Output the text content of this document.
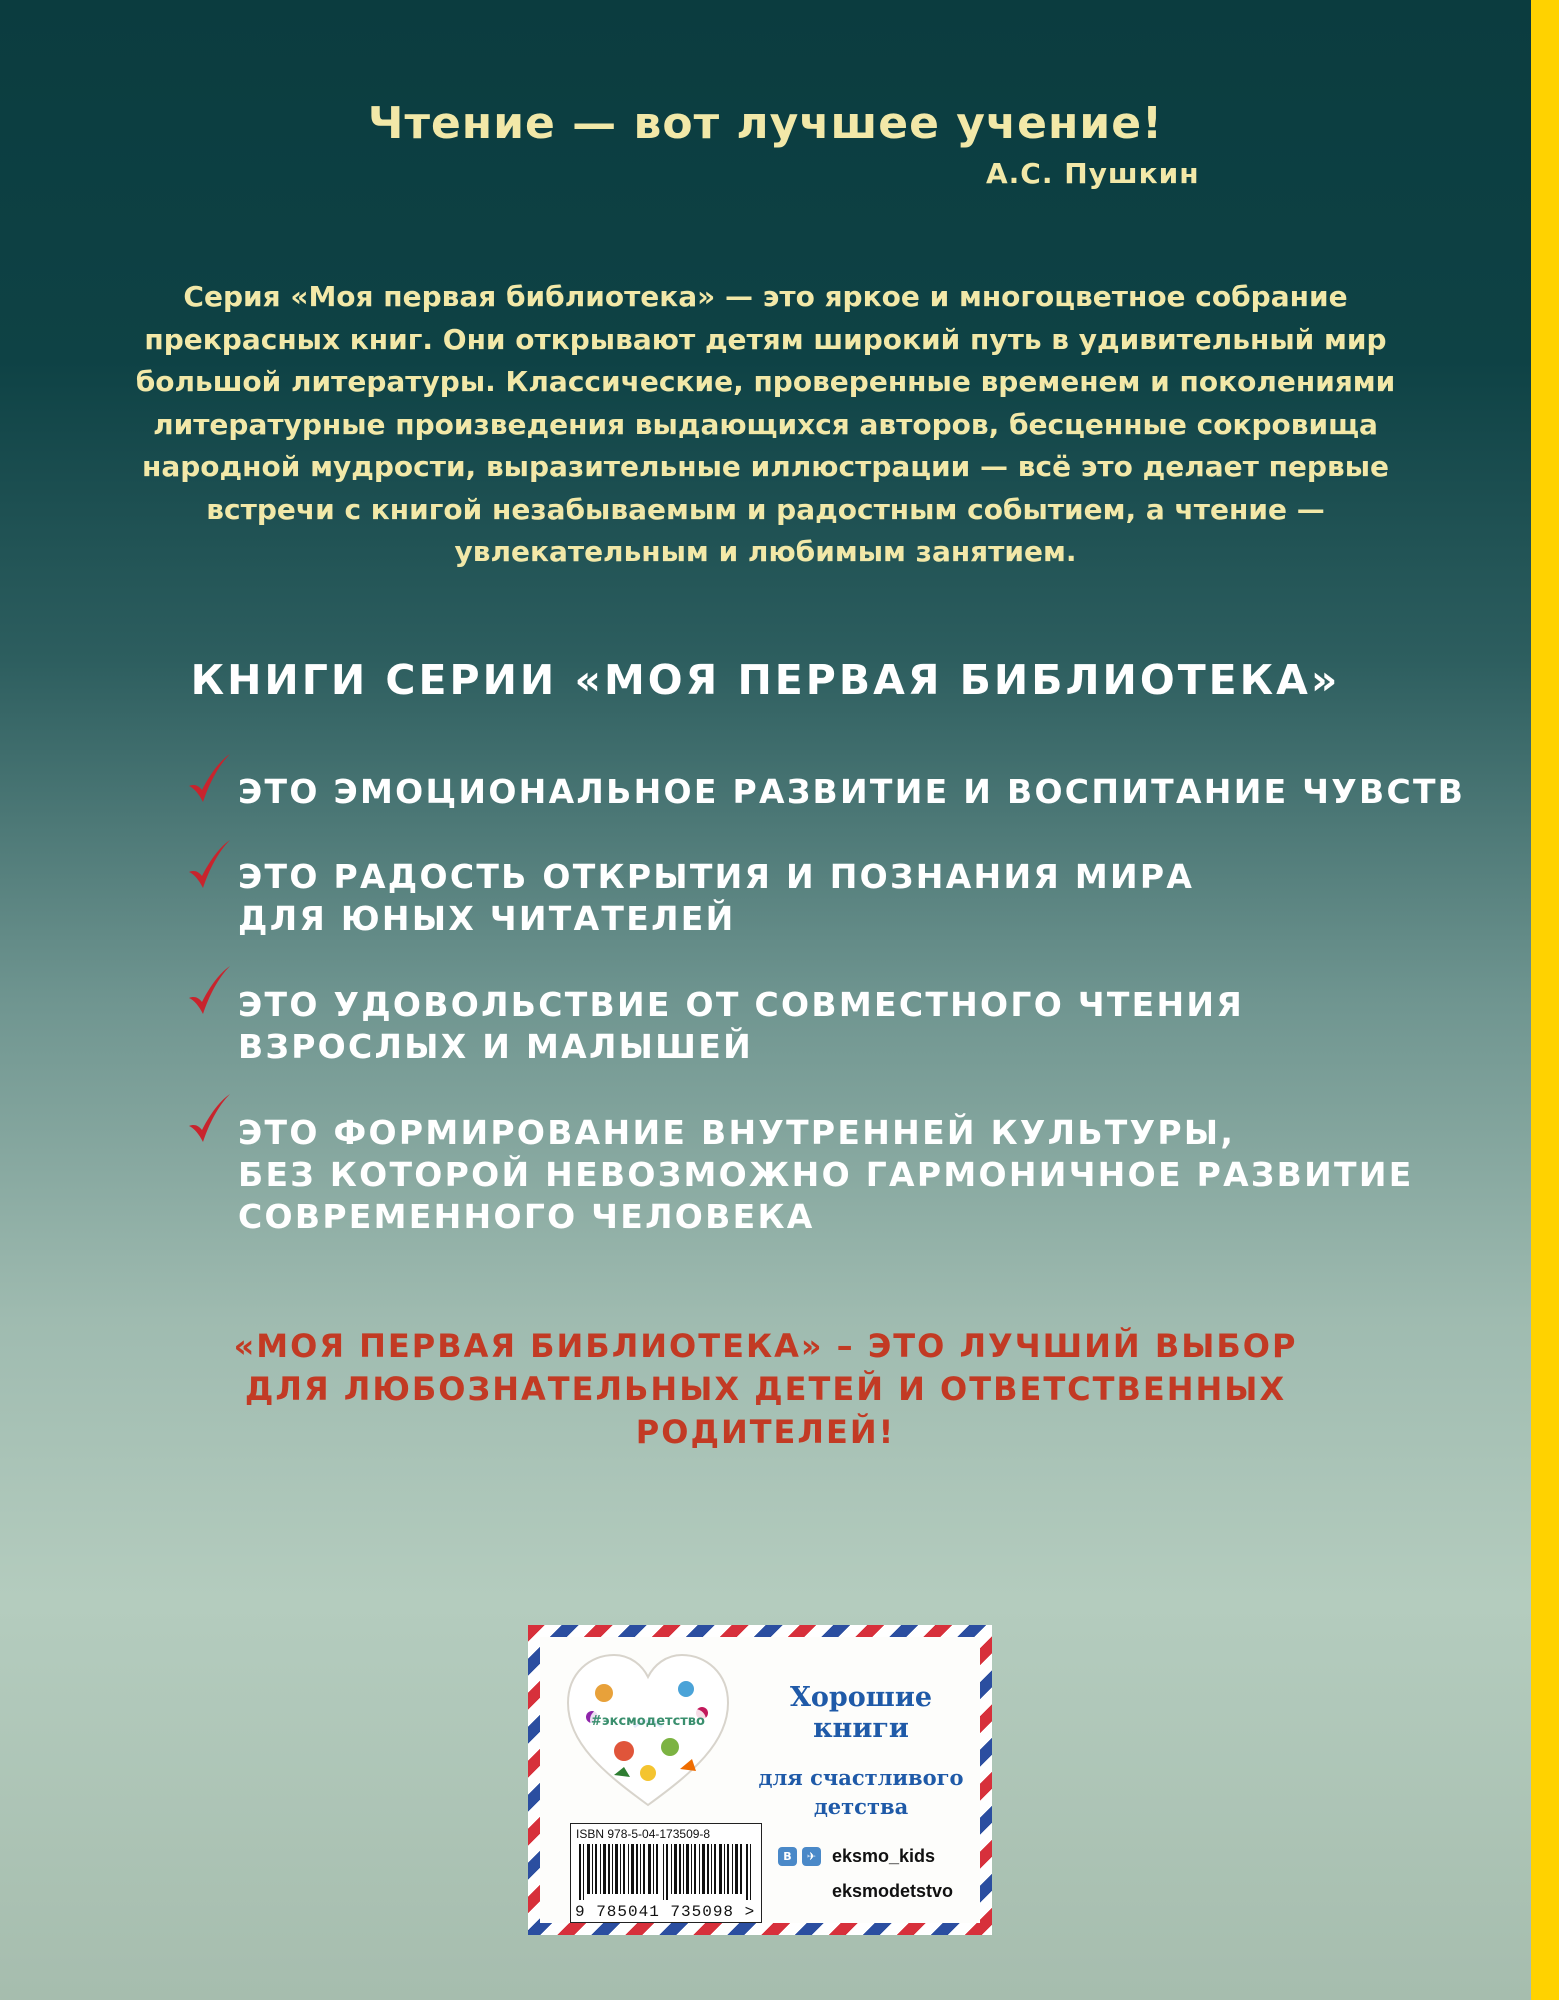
Чтение — вот лучшее учение!
А.С. Пушкин
Серия «Моя первая библиотека» — это яркое и многоцветное собрание прекрасных книг. Они открывают детям широкий путь в удивительный мир большой литературы. Классические, проверенные временем и поколениями литературные произведения выдающихся авторов, бесценные сокровища народной мудрости, выразительные иллюстрации — всё это делает первые встречи с книгой незабываемым и радостным событием, а чтение — увлекательным и любимым занятием.
КНИГИ СЕРИИ «МОЯ ПЕРВАЯ БИБЛИОТЕКА»
ЭТО ЭМОЦИОНАЛЬНОЕ РАЗВИТИЕ И ВОСПИТАНИЕ ЧУВСТВ
ЭТО РАДОСТЬ ОТКРЫТИЯ И ПОЗНАНИЯ МИРА
ДЛЯ ЮНЫХ ЧИТАТЕЛЕЙ
ЭТО УДОВОЛЬСТВИЕ ОТ СОВМЕСТНОГО ЧТЕНИЯ
ВЗРОСЛЫХ И МАЛЫШЕЙ
ЭТО ФОРМИРОВАНИЕ ВНУТРЕННЕЙ КУЛЬТУРЫ,
БЕЗ КОТОРОЙ НЕВОЗМОЖНО ГАРМОНИЧНОЕ РАЗВИТИЕ
СОВРЕМЕННОГО ЧЕЛОВЕКА
«МОЯ ПЕРВАЯ БИБЛИОТЕКА» – ЭТО ЛУЧШИЙ ВЫБОР
ДЛЯ ЛЮБОЗНАТЕЛЬНЫХ ДЕТЕЙ И ОТВЕТСТВЕННЫХ
РОДИТЕЛЕЙ!
#эксмодетство

Хорошие
книги

для счастливого
детства

В	✈ eksmo_kids
eksmodetstvo
ISBN 978-5-04-173509-8
9 785041 735098 >
